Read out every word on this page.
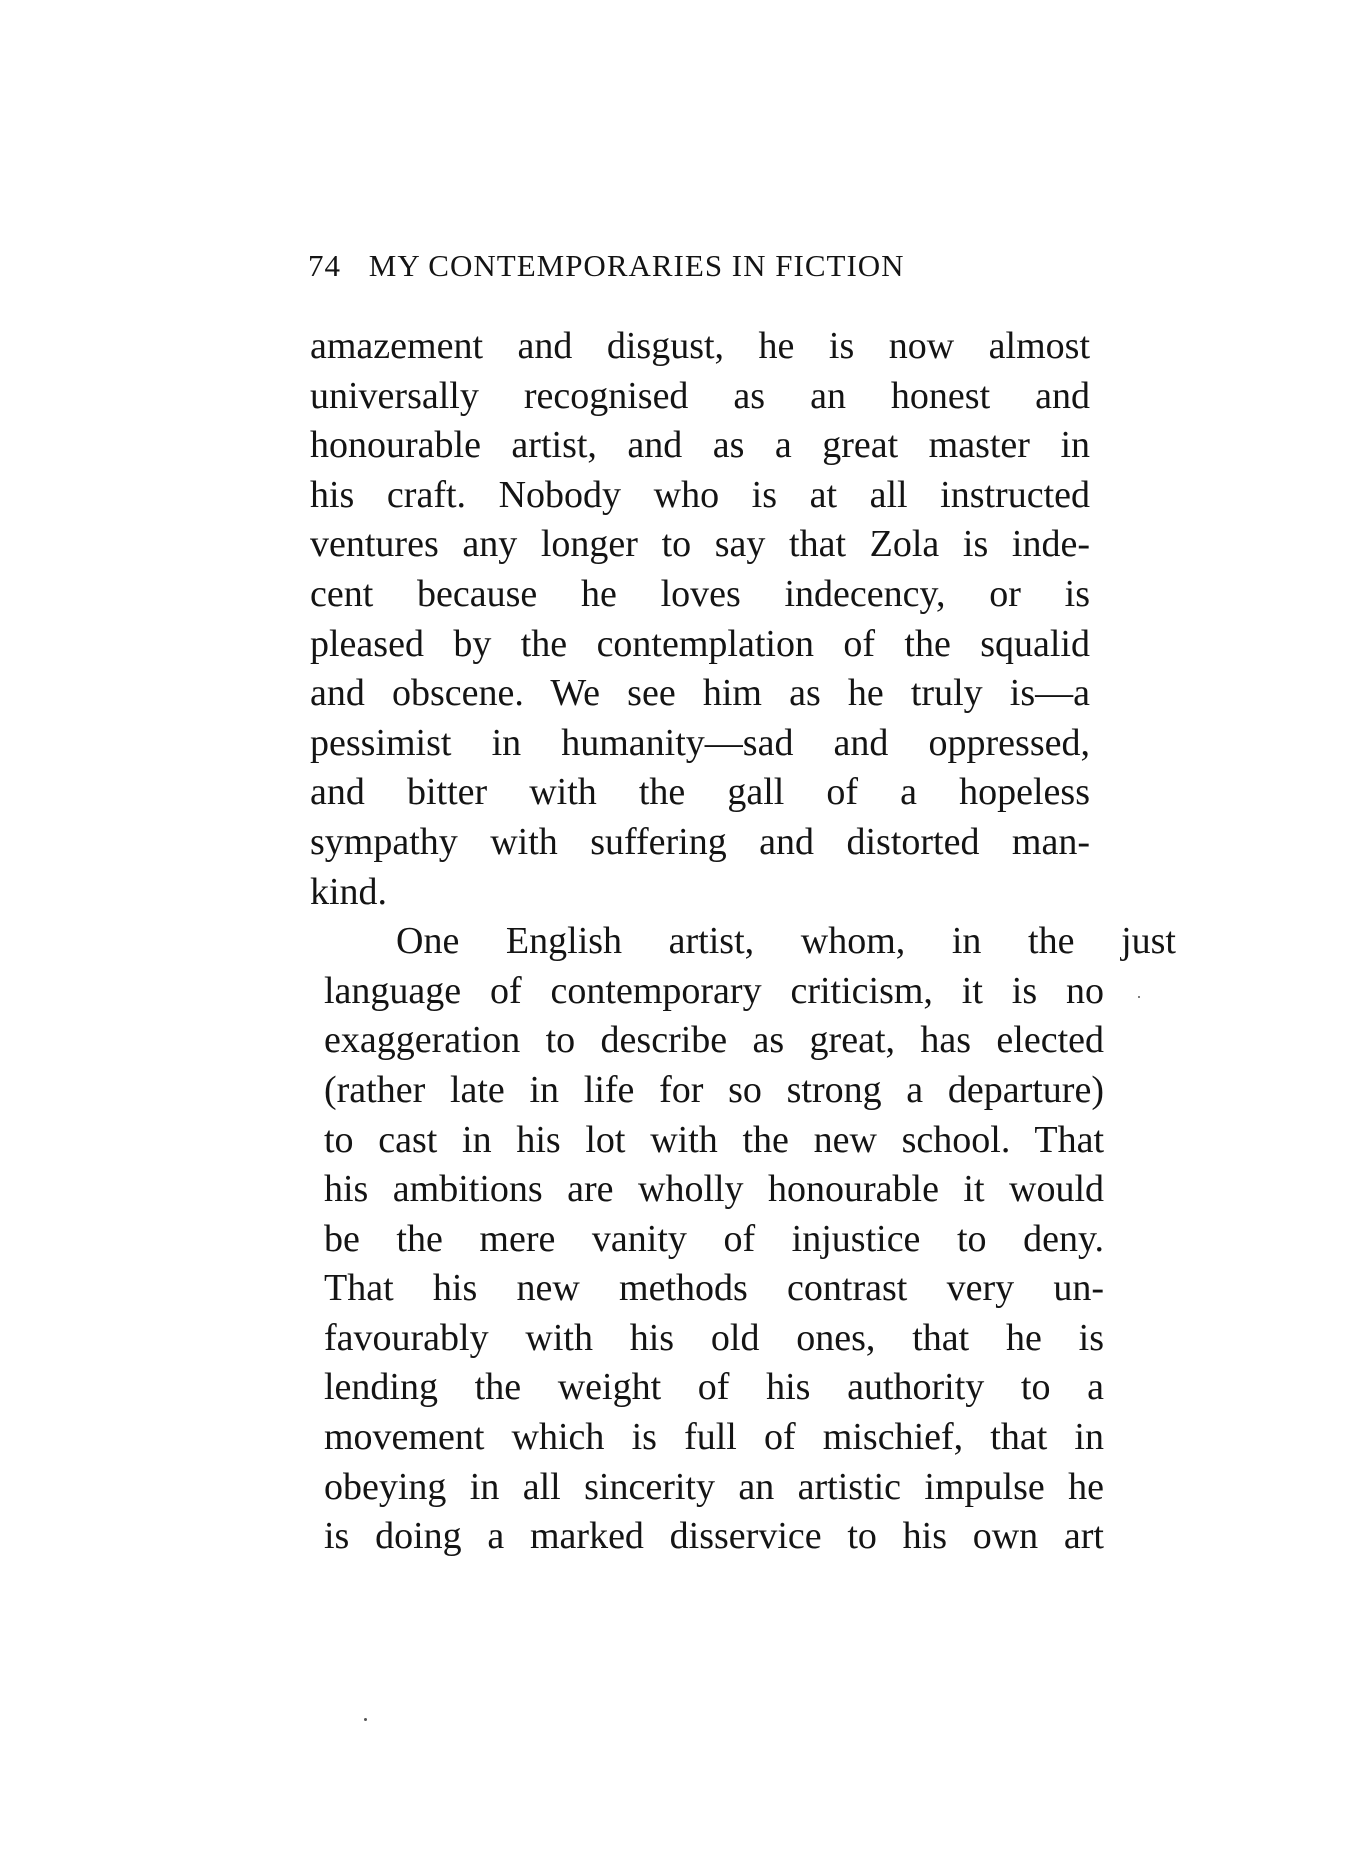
74 MY CONTEMPORARIES IN FICTION
amazement and disgust, he is now almost
universally recognised as an honest and
honourable artist, and as a great master in
his craft. Nobody who is at all instructed
ventures any longer to say that Zola is inde-
cent because he loves indecency, or is
pleased by the contemplation of the squalid
and obscene. We see him as he truly is—a
pessimist in humanity—sad and oppressed,
and bitter with the gall of a hopeless
sympathy with suffering and distorted man-
kind.
One English artist, whom, in the just
language of contemporary criticism, it is no
exaggeration to describe as great, has elected
(rather late in life for so strong a departure)
to cast in his lot with the new school. That
his ambitions are wholly honourable it would
be the mere vanity of injustice to deny.
That his new methods contrast very un-
favourably with his old ones, that he is
lending the weight of his authority to a
movement which is full of mischief, that in
obeying in all sincerity an artistic impulse he
is doing a marked disservice to his own art
